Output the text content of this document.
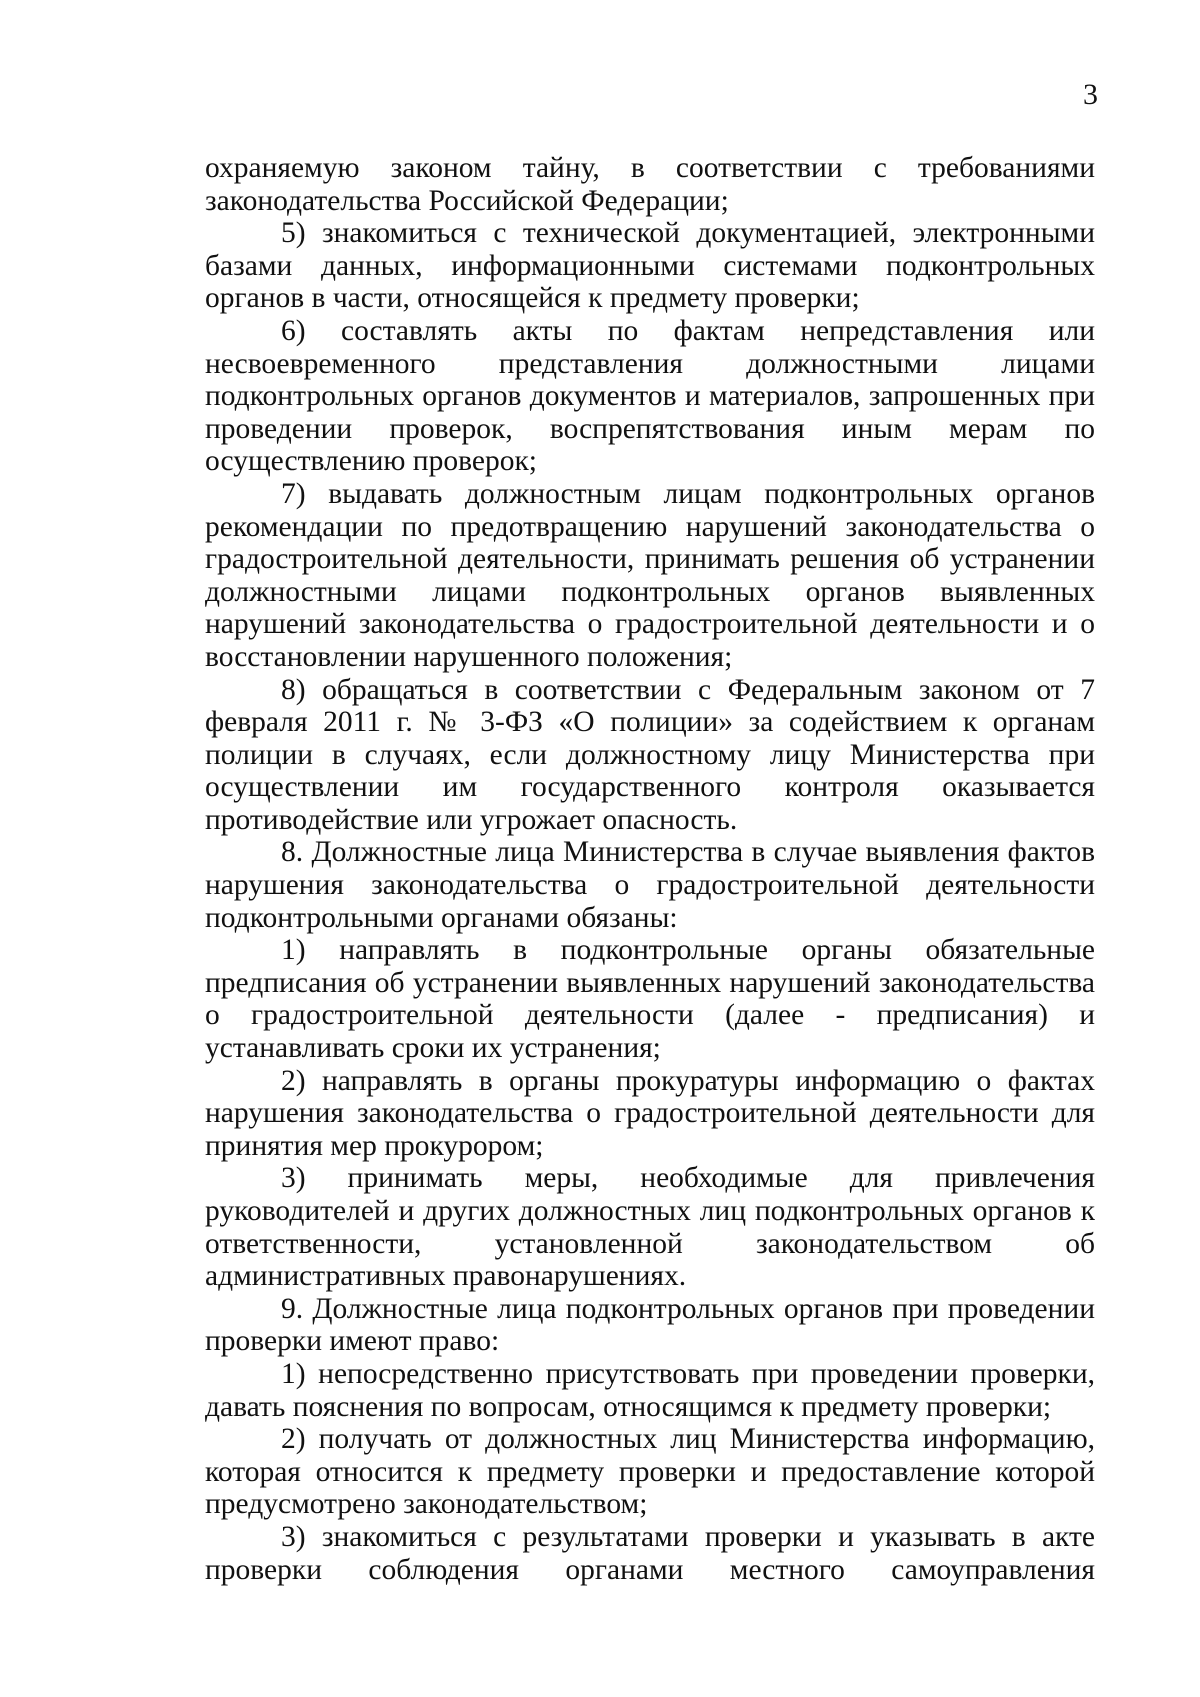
3

охраняемую законом тайну, в соответствии с требованиями законодательства Российской Федерации;

5) знакомиться с технической документацией, электронными базами данных, информационными системами подконтрольных органов в части, относящейся к предмету проверки;

6) составлять акты по фактам непредставления или несвоевременного представления должностными лицами подконтрольных органов документов и материалов, запрошенных при проведении проверок, воспрепятствования иным мерам по осуществлению проверок;

7) выдавать должностным лицам подконтрольных органов рекомендации по предотвращению нарушений законодательства о градостроительной деятельности, принимать решения об устранении должностными лицами подконтрольных органов выявленных нарушений законодательства о градостроительной деятельности и о восстановлении нарушенного положения;

8) обращаться в соответствии с Федеральным законом от 7 февраля 2011 г. № 3-ФЗ «О полиции» за содействием к органам полиции в случаях, если должностному лицу Министерства при осуществлении им государственного контроля оказывается противодействие или угрожает опасность.

8. Должностные лица Министерства в случае выявления фактов нарушения законодательства о градостроительной деятельности подконтрольными органами обязаны:

1) направлять в подконтрольные органы обязательные предписания об устранении выявленных нарушений законодательства о градостроительной деятельности (далее - предписания) и устанавливать сроки их устранения;

2) направлять в органы прокуратуры информацию о фактах нарушения законодательства о градостроительной деятельности для принятия мер прокурором;

3) принимать меры, необходимые для привлечения руководителей и других должностных лиц подконтрольных органов к ответственности, установленной законодательством об административных правонарушениях.

9. Должностные лица подконтрольных органов при проведении проверки имеют право:

1) непосредственно присутствовать при проведении проверки, давать пояснения по вопросам, относящимся к предмету проверки;

2) получать от должностных лиц Министерства информацию, которая относится к предмету проверки и предоставление которой предусмотрено законодательством;

3) знакомиться с результатами проверки и указывать в акте проверки соблюдения органами местного самоуправления
